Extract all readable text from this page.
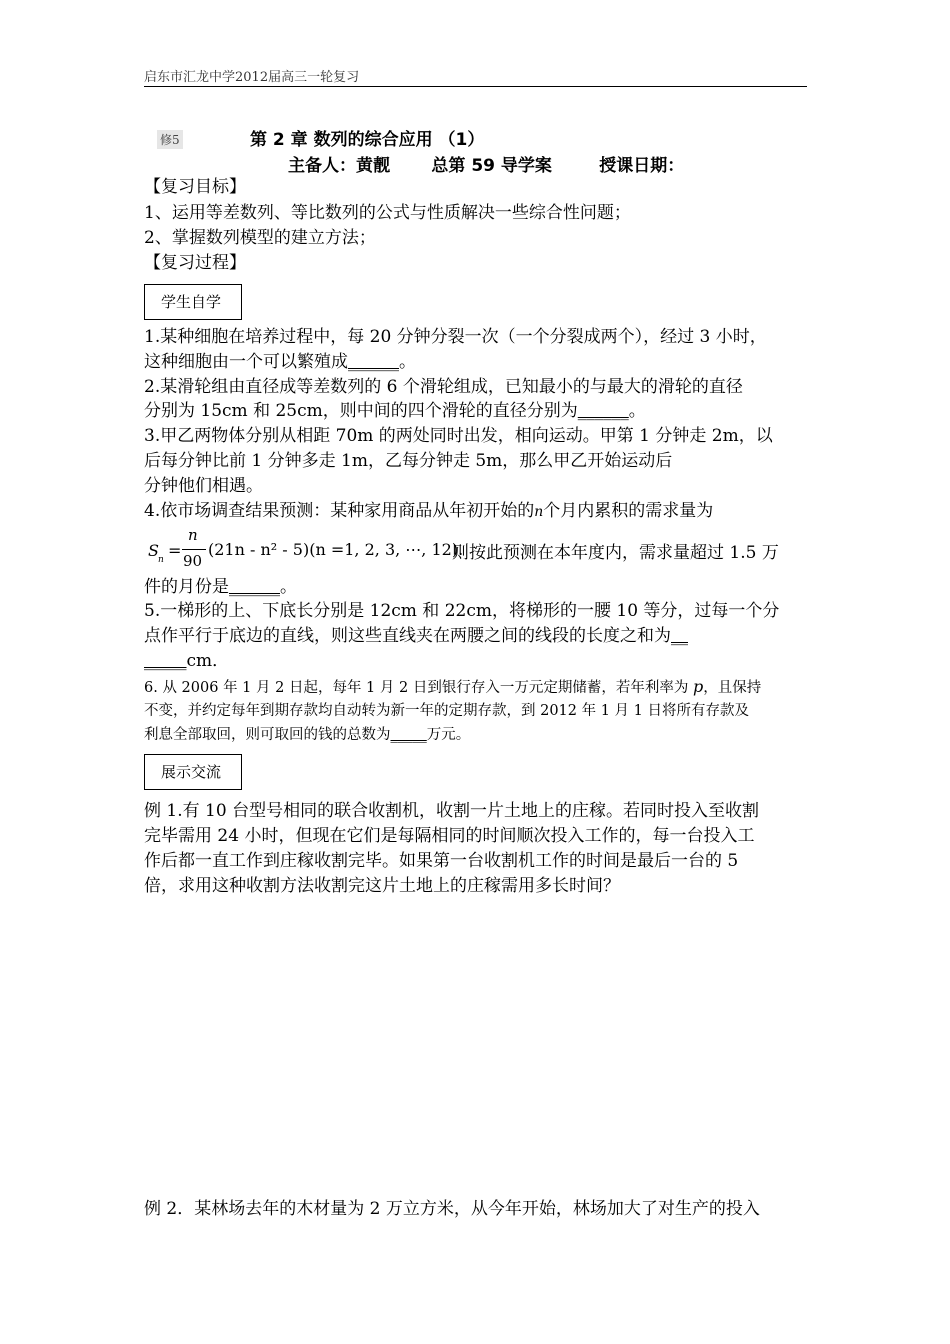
启东市汇龙中学2012届高三一轮复习
修5	第 2 章 数列的综合应用 （1）
主备人：黄靓       总第 59 导学案        授课日期：
【复习目标】
1、运用等差数列、等比数列的公式与性质解决一些综合性问题；
2、掌握数列模型的建立方法；
【复习过程】
学生自学
1.某种细胞在培养过程中，每 20 分钟分裂一次（一个分裂成两个），经过 3 小时，
这种细胞由一个可以繁殖成______。
2.某滑轮组由直径成等差数列的 6 个滑轮组成，已知最小的与最大的滑轮的直径
分别为 15cm 和 25cm，则中间的四个滑轮的直径分别为______。
3.甲乙两物体分别从相距 70m 的两处同时出发，相向运动。甲第 1 分钟走 2m，以
后每分钟比前 1 分钟多走 1m，乙每分钟走 5m，那么甲乙开始运动后
分钟他们相遇。
4.依市场调查结果预测：某种家用商品从年初开始的n个月内累积的需求量为
S n =
n
90
(21n - n² - 5)(n =1, 2, 3, ⋯, 12).
则按此预测在本年度内，需求量超过 1.5 万
件的月份是______。
5.一梯形的上、下底长分别是 12cm 和 22cm，将梯形的一腰 10 等分，过每一个分
点作平行于底边的直线，则这些直线夹在两腰之间的线段的长度之和为__
_____cm．
6. 从 2006 年 1 月 2 日起，每年 1 月 2 日到银行存入一万元定期储蓄，若年利率为 p，且保持
不变，并约定每年到期存款均自动转为新一年的定期存款，到 2012 年 1 月 1 日将所有存款及
利息全部取回，则可取回的钱的总数为_____万元。
展示交流
例 1.有 10 台型号相同的联合收割机，收割一片土地上的庄稼。若同时投入至收割
完毕需用 24 小时，但现在它们是每隔相同的时间顺次投入工作的，每一台投入工
作后都一直工作到庄稼收割完毕。如果第一台收割机工作的时间是最后一台的 5
倍，求用这种收割方法收割完这片土地上的庄稼需用多长时间？
例 2．某林场去年的木材量为 2 万立方米，从今年开始，林场加大了对生产的投入
